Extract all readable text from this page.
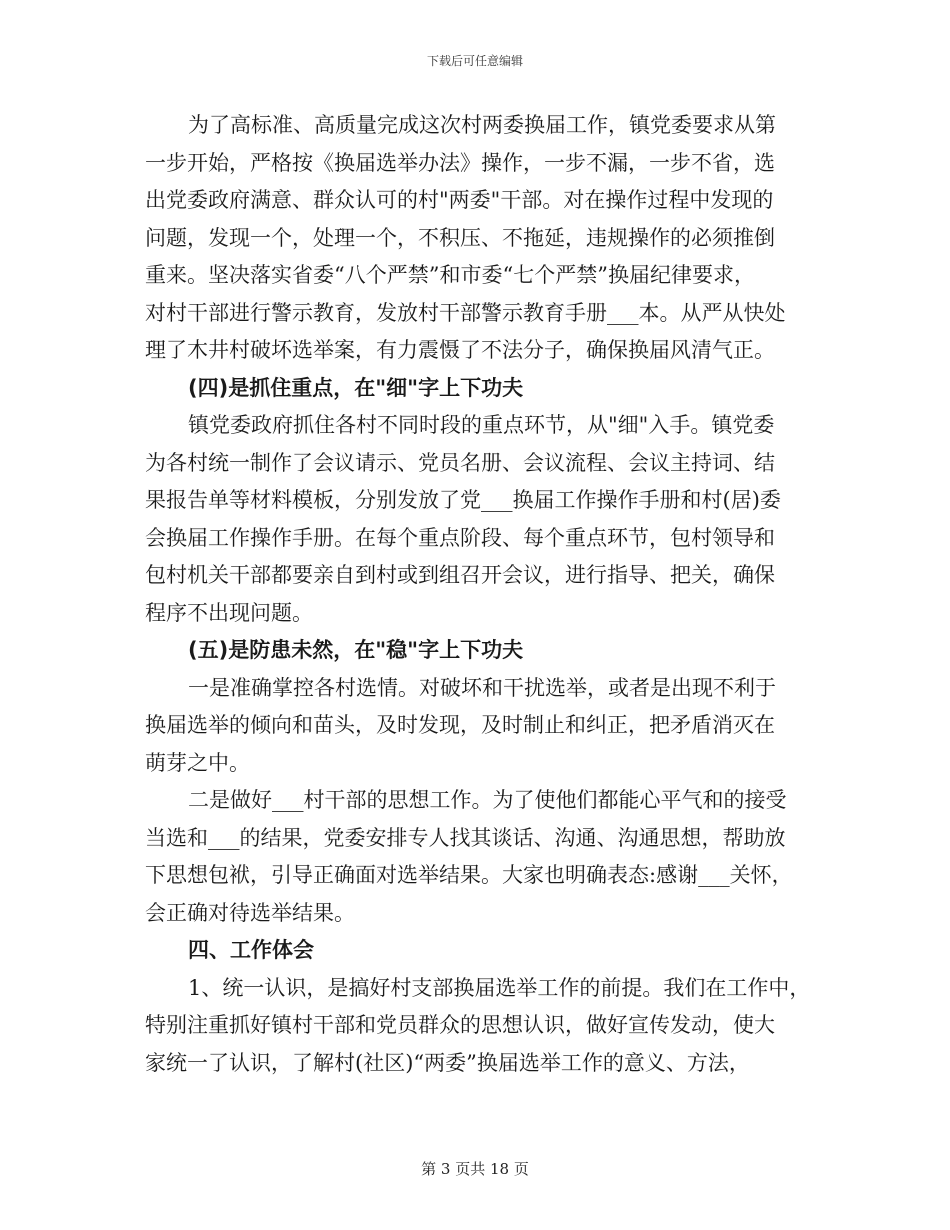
下载后可任意编辑
为了高标准、高质量完成这次村两委换届工作，镇党委要求从第
一步开始，严格按《换届选举办法》操作，一步不漏，一步不省，选
出党委政府满意、群众认可的村"两委"干部。对在操作过程中发现的
问题，发现一个，处理一个，不积压、不拖延，违规操作的必须推倒
重来。坚决落实省委“八个严禁”和市委“七个严禁”换届纪律要求，
对村干部进行警示教育，发放村干部警示教育手册___本。从严从快处
理了木井村破坏选举案，有力震慑了不法分子，确保换届风清气正。
(四)是抓住重点，在"细"字上下功夫
镇党委政府抓住各村不同时段的重点环节，从"细"入手。镇党委
为各村统一制作了会议请示、党员名册、会议流程、会议主持词、结
果报告单等材料模板，分别发放了党___换届工作操作手册和村(居)委
会换届工作操作手册。在每个重点阶段、每个重点环节，包村领导和
包村机关干部都要亲自到村或到组召开会议，进行指导、把关，确保
程序不出现问题。
(五)是防患未然，在"稳"字上下功夫
一是准确掌控各村选情。对破坏和干扰选举，或者是出现不利于
换届选举的倾向和苗头，及时发现，及时制止和纠正，把矛盾消灭在
萌芽之中。
二是做好___村干部的思想工作。为了使他们都能心平气和的接受
当选和___的结果，党委安排专人找其谈话、沟通、沟通思想，帮助放
下思想包袱，引导正确面对选举结果。大家也明确表态:感谢___关怀，
会正确对待选举结果。
四、工作体会
1、统一认识，是搞好村支部换届选举工作的前提。我们在工作中，
特别注重抓好镇村干部和党员群众的思想认识，做好宣传发动，使大
家统一了认识，了解村(社区)“两委”换届选举工作的意义、方法，
第 3 页共 18 页
